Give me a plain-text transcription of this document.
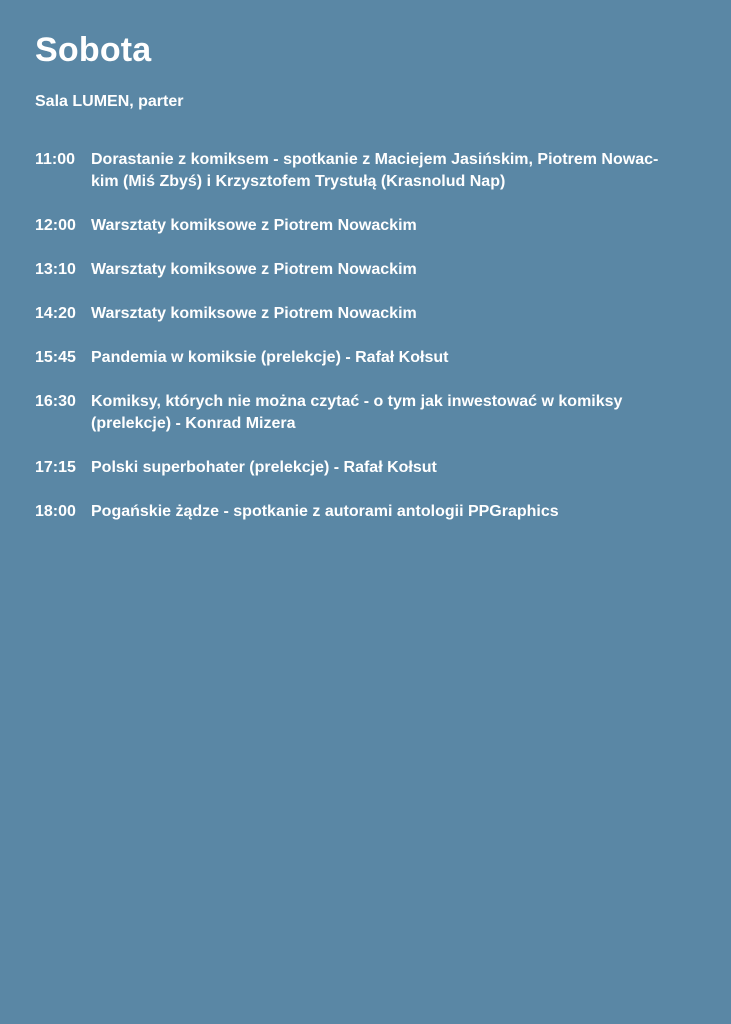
Sobota
Sala LUMEN, parter
11:00 Dorastanie z komiksem - spotkanie z Maciejem Jasińskim, Piotrem Nowac-
kim (Miś Zbyś) i Krzysztofem Trystułą (Krasnolud Nap)
12:00 Warsztaty komiksowe z Piotrem Nowackim
13:10 Warsztaty komiksowe z Piotrem Nowackim
14:20 Warsztaty komiksowe z Piotrem Nowackim
15:45 Pandemia w komiksie (prelekcje) - Rafał Kołsut
16:30 Komiksy, których nie można czytać - o tym jak inwestować w komiksy
(prelekcje) - Konrad Mizera
17:15 Polski superbohater (prelekcje) - Rafał Kołsut
18:00 Pogańskie żądze - spotkanie z autorami antologii PPGraphics
